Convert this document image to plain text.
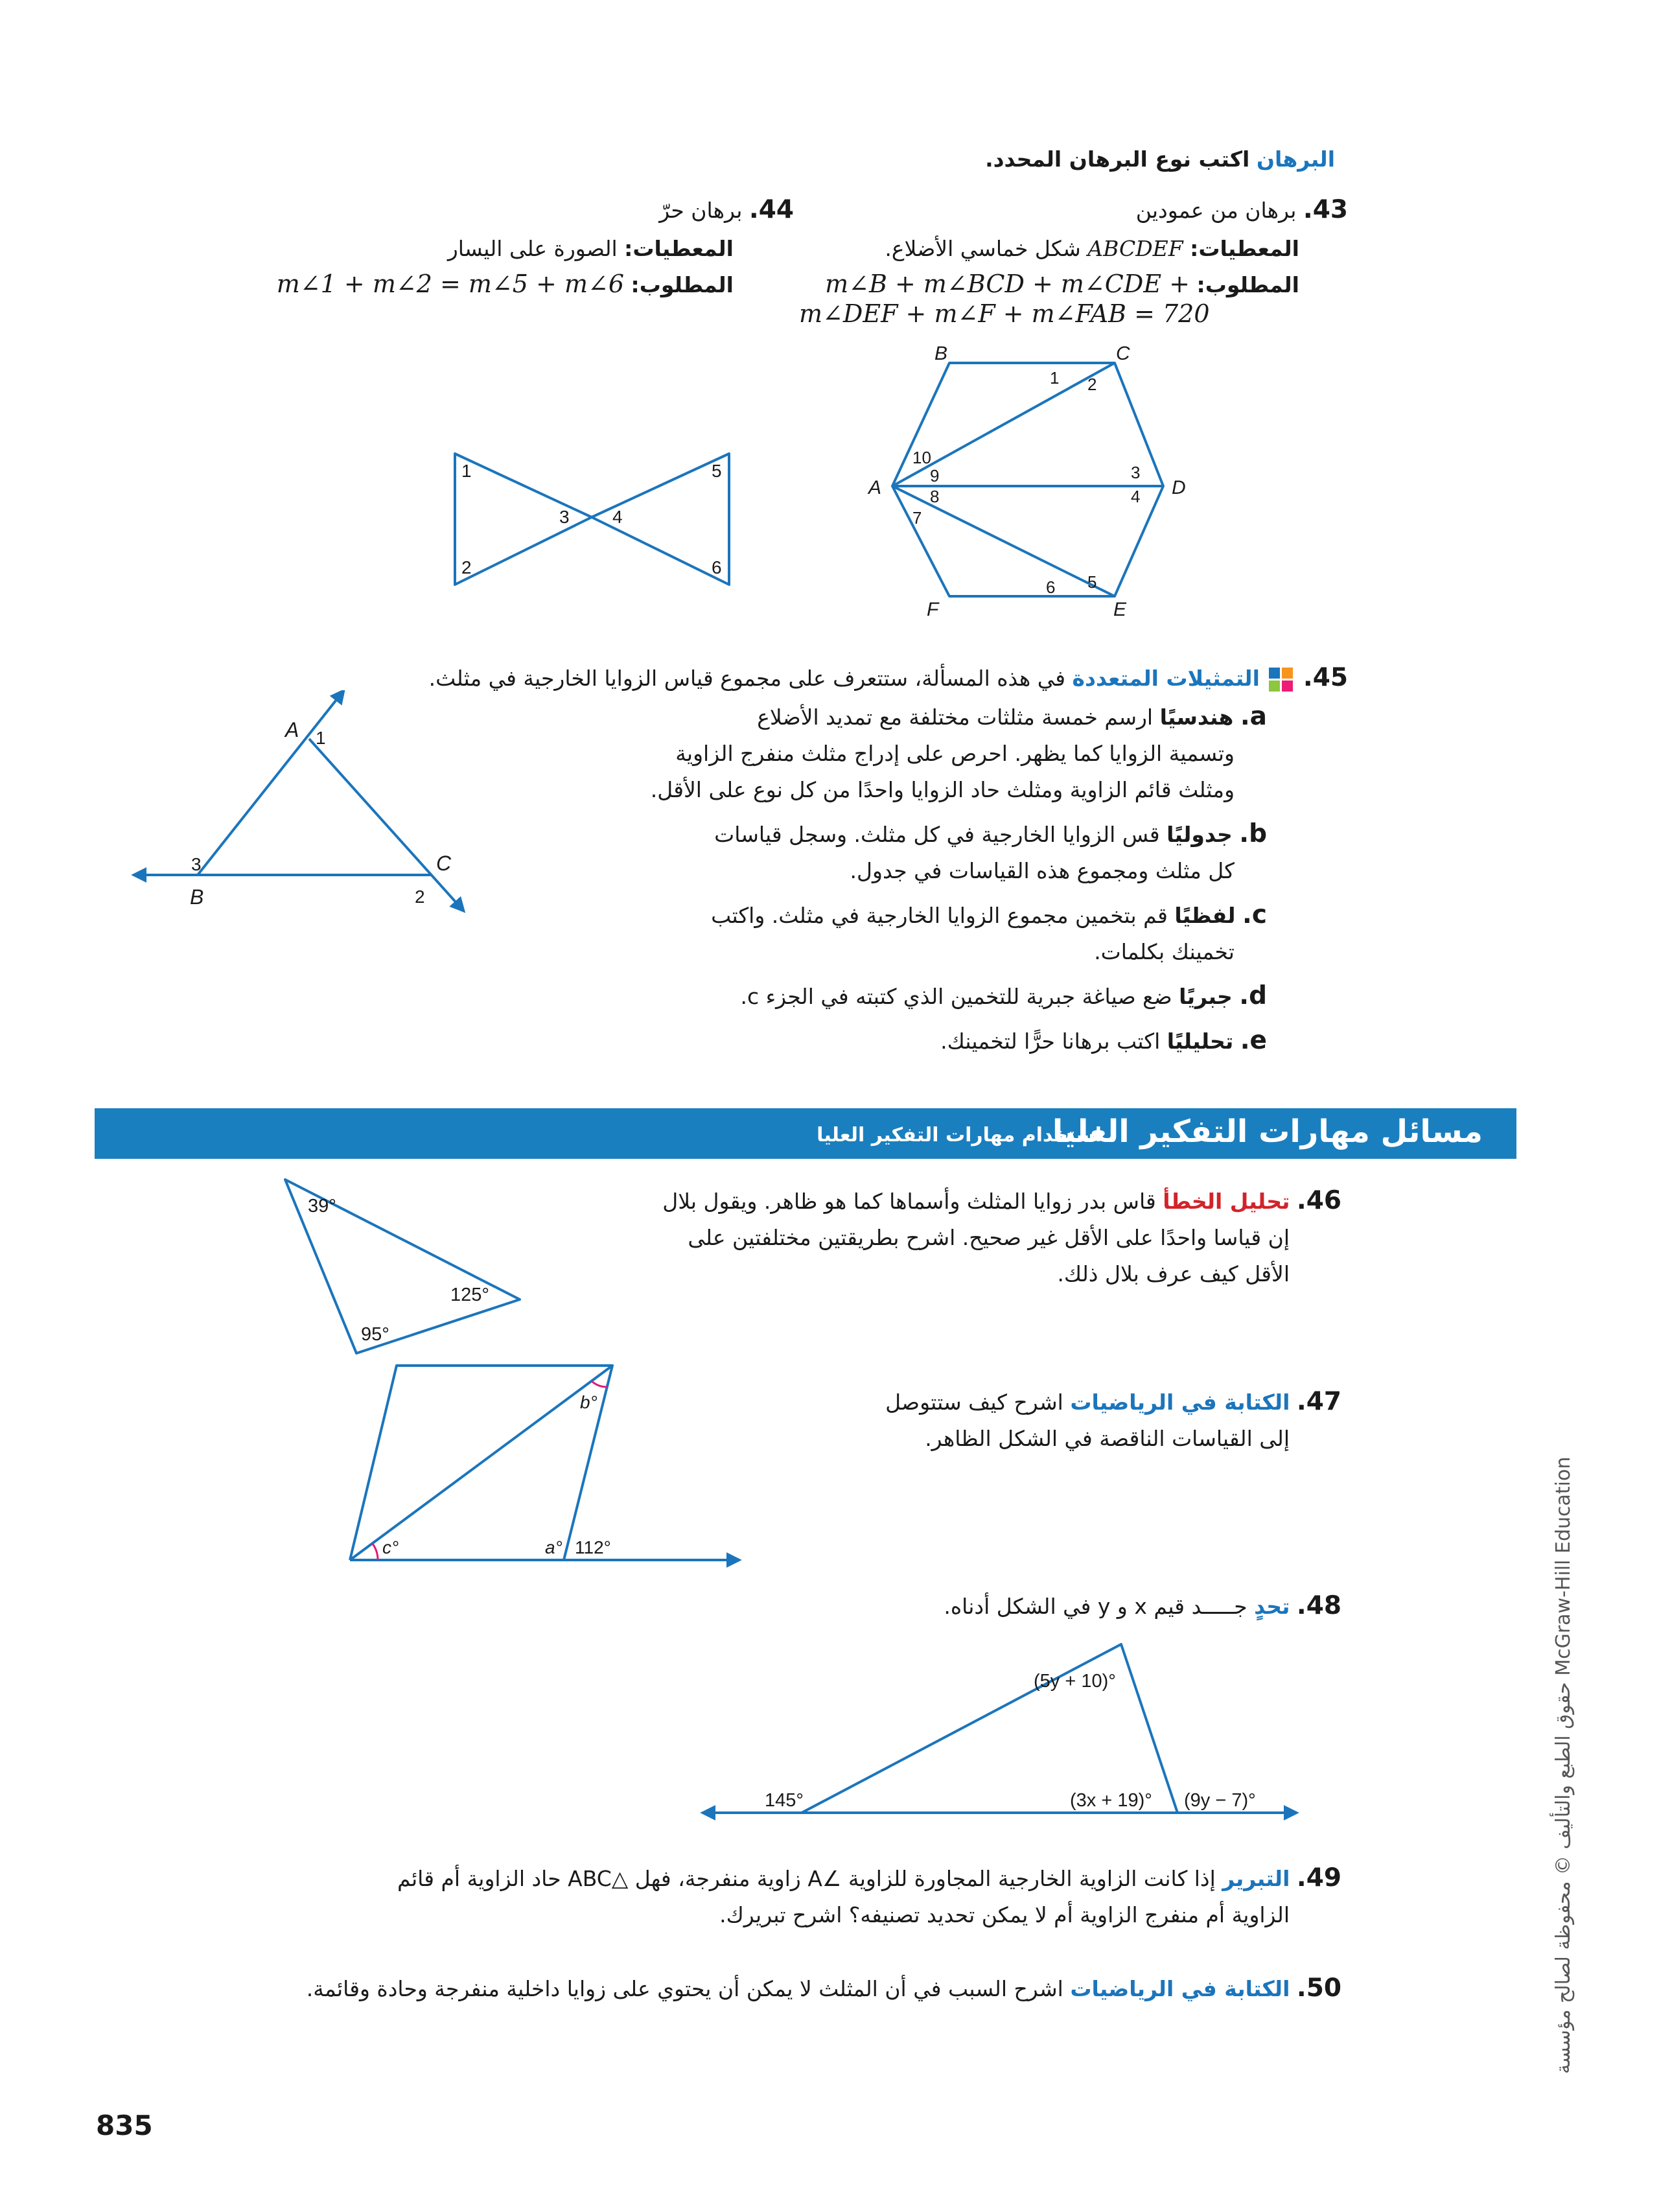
البرهان اكتب نوع البرهان المحدد.
43. برهان من عمودين
المعطيات: ABCDEF شكل خماسي الأضلاع.
المطلوب: m∠B + m∠BCD + m∠CDE +
m∠DEF + m∠F + m∠FAB = 720
44. برهان حرّ
المعطيات: الصورة على اليسار
المطلوب: m∠1 + m∠2 = m∠5 + m∠6
A
B	C
D
E
F
1 2
3
4
5
6
7
8
9
10
1
2
3 4
5
6
45.  التمثيلات المتعددة في هذه المسألة، ستتعرف على مجموع قياس الزوايا الخارجية في مثلث.
a. هندسيًا ارسم خمسة مثلثات مختلفة مع تمديد الأضلاع
وتسمية الزوايا كما يظهر. احرص على إدراج مثلث منفرج الزاوية
ومثلث قائم الزاوية ومثلث حاد الزوايا واحدًا من كل نوع على الأقل.
b. جدوليًا قس الزوايا الخارجية في كل مثلث. وسجل قياسات
كل مثلث ومجموع هذه القياسات في جدول.
c. لفظيًا قم بتخمين مجموع الزوايا الخارجية في مثلث. واكتب
تخمينك بكلمات.
d. جبريًا ضع صياغة جبرية للتخمين الذي كتبته في الجزء c.
e. تحليليًا اكتب برهانا حرًّا لتخمينك.
A
B
C
1
2
3
مسائل مهارات التفكير العليا
استخدام مهارات التفكير العليا
46. تحليل الخطأ قاس بدر زوايا المثلث وأسماها كما هو ظاهر. ويقول بلال
إن قياسا واحدًا على الأقل غير صحيح. اشرح بطريقتين مختلفتين على
الأقل كيف عرف بلال ذلك.
39°
125°
95°
47. الكتابة في الرياضيات اشرح كيف ستتوصل
إلى القياسات الناقصة في الشكل الظاهر.
b°
c°	a° 112°
48. تحدٍ جـــــد قيم x و y في الشكل أدناه.
(5y + 10)°
145°	(3x + 19)° (9y − 7)°
49. التبرير إذا كانت الزاوية الخارجية المجاورة للزاوية ∠A زاوية منفرجة، فهل △ABC حاد الزاوية أم قائم
الزاوية أم منفرج الزاوية أم لا يمكن تحديد تصنيفه؟ اشرح تبريرك.
50. الكتابة في الرياضيات اشرح السبب في أن المثلث لا يمكن أن يحتوي على زوايا داخلية منفرجة وحادة وقائمة.
835
حقوق الطبع والتأليف © محفوظة لصالح مؤسسة McGraw-Hill Education
